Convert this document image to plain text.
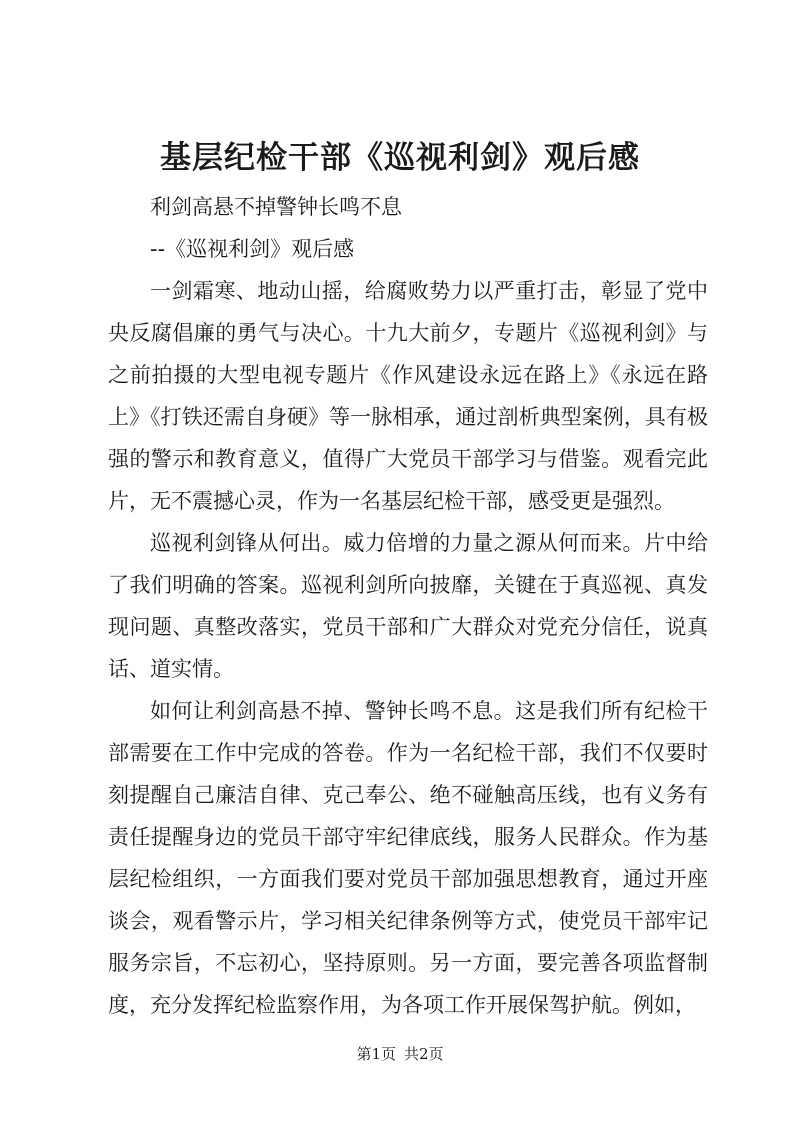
基层纪检干部《巡视利剑》观后感

利剑高悬不掉警钟长鸣不息

--《巡视利剑》观后感

一剑霜寒、地动山摇，给腐败势力以严重打击，彰显了党中央反腐倡廉的勇气与决心。十九大前夕，专题片《巡视利剑》与之前拍摄的大型电视专题片《作风建设永远在路上》《永远在路上》《打铁还需自身硬》等一脉相承，通过剖析典型案例，具有极强的警示和教育意义，值得广大党员干部学习与借鉴。观看完此片，无不震撼心灵，作为一名基层纪检干部，感受更是强烈。

巡视利剑锋从何出。威力倍增的力量之源从何而来。片中给了我们明确的答案。巡视利剑所向披靡，关键在于真巡视、真发现问题、真整改落实，党员干部和广大群众对党充分信任，说真话、道实情。

如何让利剑高悬不掉、警钟长鸣不息。这是我们所有纪检干部需要在工作中完成的答卷。作为一名纪检干部，我们不仅要时刻提醒自己廉洁自律、克己奉公、绝不碰触高压线，也有义务有责任提醒身边的党员干部守牢纪律底线，服务人民群众。作为基层纪检组织，一方面我们要对党员干部加强思想教育，通过开座谈会，观看警示片，学习相关纪律条例等方式，使党员干部牢记服务宗旨，不忘初心，坚持原则。另一方面，要完善各项监督制度，充分发挥纪检监察作用，为各项工作开展保驾护航。例如，

第1页 共2页
